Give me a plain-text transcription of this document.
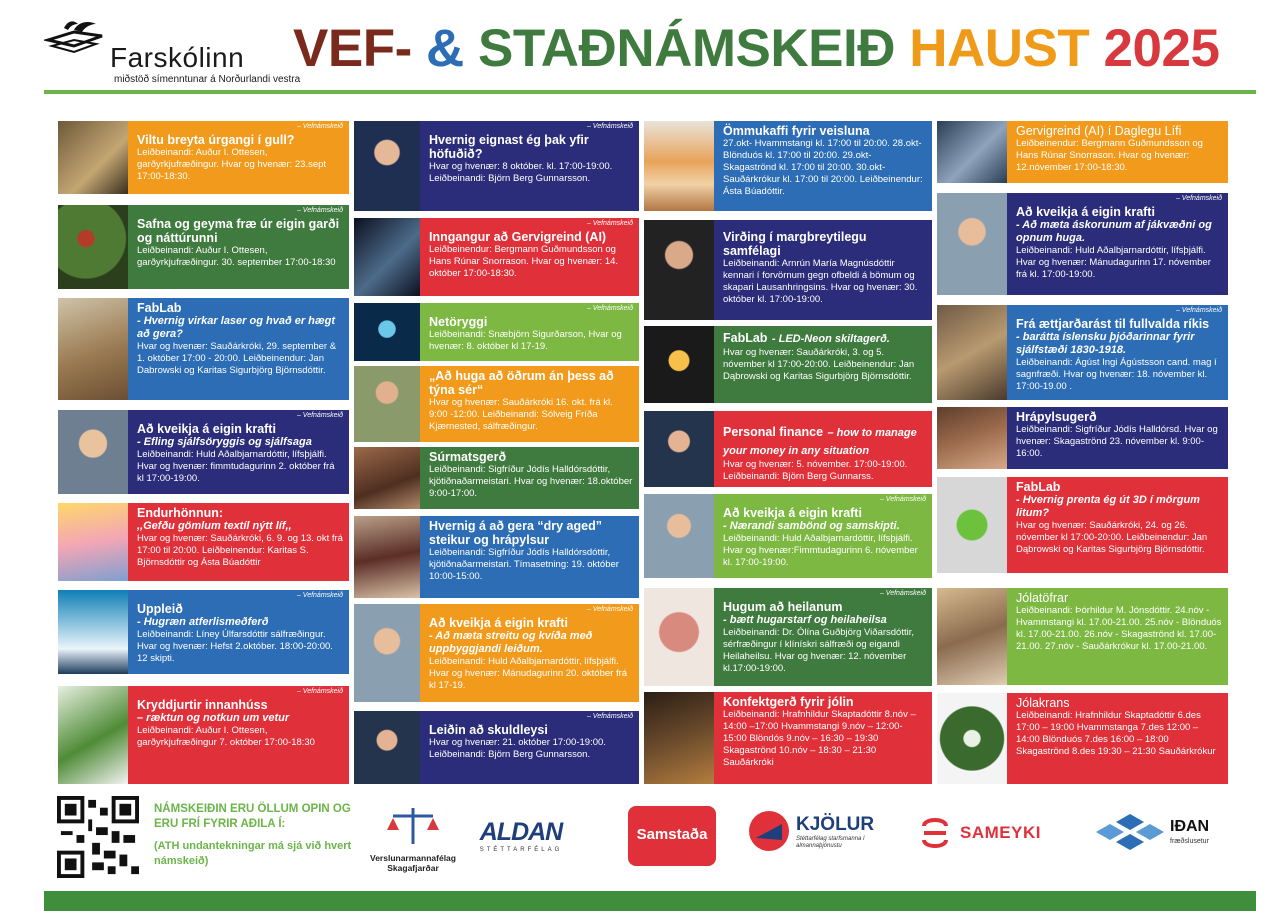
Farskólinn
miðstöð símenntunar á Norðurlandi vestra
VEF- & STAÐNÁMSKEIÐ HAUST 2025
– Vefnámskeið
Viltu breyta úrgangi í gull?
Leiðbeinandi: Auður I. Ottesen, garðyrkjufræðingur. Hvar og hvenær: 23.sept 17:00-18:30.
– Vefnámskeið
Safna og geyma fræ úr eigin garði og náttúrunni
Leiðbeinandi: Auður I. Ottesen, garðyrkjufræðingur. 30. september 17:00-18:30
FabLab
- Hvernig virkar laser og hvað er hægt að gera?
Hvar og hvenær: Sauðárkróki, 29. september & 1. október 17:00 - 20:00. Leiðbeinendur: Jan Dabrowski og Karitas Sigurbjörg Björnsdóttir.
– Vefnámskeið
Að kveikja á eigin krafti
- Efling sjálfsöryggis og sjálfsaga
Leiðbeinandi: Huld Aðalbjarnardóttir, lífsþjálfi. Hvar og hvenær: fimmtudagurinn 2. október frá kl 17:00-19:00.
Endurhönnun:
,,Gefðu gömlum textíl nýtt líf,,
Hvar og hvenær: Sauðárkróki, 6. 9. og 13. okt frá 17:00 til 20:00. Leiðbeinendur: Karitas S. Björnsdóttir og Ásta Búadóttir
– Vefnámskeið
Uppleið
- Hugræn atferlismeðferð
Leiðbeinandi: Líney Úlfarsdóttir sálfræðingur. Hvar og hvenær: Hefst 2.október. 18:00-20:00. 12 skipti.
– Vefnámskeið
Kryddjurtir innanhúss
– ræktun og notkun um vetur
Leiðbeinandi: Auður I. Ottesen, garðyrkjufræðingur 7. október 17:00-18:30
– Vefnámskeið
Hvernig eignast ég þak yfir höfuðið?
Hvar og hvenær: 8 október. kl. 17:00-19:00. Leiðbeinandi: Björn Berg Gunnarsson.
– Vefnámskeið
Inngangur að Gervigreind (AI)
Leiðbeinendur: Bergmann Guðmundsson og Hans Rúnar Snorrason. Hvar og hvenær: 14. október 17:00-18:30.
– Vefnámskeið
Netöryggi
Leiðbeinandi: Snæbjörn Sigurðarson, Hvar og hvenær: 8. október kl 17-19.
„Að huga að öðrum án þess að týna sér“
Hvar og hvenær: Sauðárkróki 16. okt. frá kl. 9:00 -12:00. Leiðbeinandi: Sólveig Fríða Kjærnested, sálfræðingur.
Súrmatsgerð
Leiðbeinandi: Sigfríður Jódís Halldórsdóttir, kjötiðnaðarmeistari. Hvar og hvenær: 18.október 9:00-17:00.
Hvernig á að gera “dry aged” steikur og hrápylsur
Leiðbeinandi: Sigfríður Jódís Halldórsdóttir, kjötiðnaðarmeistari. Tímasetning: 19. október 10:00-15:00.
– Vefnámskeið
Að kveikja á eigin krafti
- Að mæta streitu og kvíða með uppbyggjandi leiðum.
Leiðbeinandi: Huld Aðalbjarnardóttir, lífsþjálfi. Hvar og hvenær: Mánudagurinn 20. október frá kl 17-19.
– Vefnámskeið
Leiðin að skuldleysi
Hvar og hvenær: 21. október 17:00-19:00. Leiðbeinandi: Björn Berg Gunnarsson.
Ömmukaffi fyrir veisluna
27.okt- Hvammstangi kl. 17:00 til 20:00. 28.okt- Blönduós kl. 17:00 til 20:00. 29.okt- Skagaströnd kl. 17:00 til 20:00. 30.okt- Sauðárkrókur kl. 17:00 til 20:00. Leiðbeinendur: Ásta Búadóttir.
Virðing í margbreytilegu samfélagi
Leiðbeinandi: Arnrún María Magnúsdóttir kennari í forvörnum gegn ofbeldi á bömum og skapari Lausanhringsins. Hvar og hvenær: 30. október kl. 17:00-19:00.
FabLab - LED-Neon skiltagerð.
Hvar og hvenær: Sauðárkróki, 3. og 5. nóvember kl 17:00-20:00. Leiðbeinendur: Jan Dąbrowski og Karitas Sigurbjörg Björnsdóttir.
Personal finance – how to manage your money in any situation
Hvar og hvenær: 5. nóvember. 17:00-19:00. Leiðbeinandi: Björn Berg Gunnarss.
– Vefnámskeið
Að kveikja á eigin krafti
- Nærandi sambönd og samskipti.
Leiðbeinandi: Huld Aðalbjarnardóttir, lífsþjálfi. Hvar og hvenær:Fimmtudagurinn 6. nóvember kl. 17:00-19:00.
– Vefnámskeið
Hugum að heilanum
- bætt hugarstarf og heilaheilsa
Leiðbeinandi: Dr. Ólína Guðbjörg Viðarsdóttir, sérfræðingur í klínískri sálfræði og eigandi Heilaheilsu. Hvar og hvenær: 12. nóvember kl.17:00-19:00.
Konfektgerð fyrir jólin
Leiðbeinandi: Hrafnhildur Skaptadóttir 8.nóv – 14:00 –17:00 Hvammstangi 9.nóv – 12:00-15:00 Blöndós 9.nóv – 16:30 – 19:30 Skagaströnd 10.nóv – 18:30 – 21:30 Sauðárkróki
Gervigreind (AI) í Daglegu Lífi
Leiðbeinendur: Bergmann Guðmundsson og Hans Rúnar Snorrason. Hvar og hvenær: 12.nóvember 17:00-18:30.
– Vefnámskeið
Að kveikja á eigin krafti
- Að mæta áskorunum af jákvæðni og opnum huga.
Leiðbeinandi: Huld Aðalbjarnardóttir, lífsþjálfi. Hvar og hvenær: Mánudagurinn 17. nóvember frá kl. 17:00-19:00.
– Vefnámskeið
Frá ættjarðarást til fullvalda ríkis
- barátta íslensku þjóðarinnar fyrir sjálfstæði 1830-1918.
Leiðbeinandi: Ágúst Ingi Ágústsson cand. mag í sagnfræði. Hvar og hvenær: 18. nóvember kl. 17:00-19.00 .
Hrápylsugerð
Leiðbeinandi: Sigfríður Jódís Halldórsd. Hvar og hvenær: Skagaströnd 23. nóvember kl. 9:00-16:00.
FabLab
- Hvernig prenta ég út 3D í mörgum litum?
Hvar og hvenær: Sauðárkróki, 24. og 26. nóvember kl 17:00-20:00. Leiðbeinendur: Jan Dąbrowski og Karitas Sigurbjörg Björnsdóttir.
Jólatöfrar
Leiðbeinandi: Þórhildur M. Jónsdóttir. 24.nóv - Hvammstangi kl. 17.00-21.00. 25.nóv - Blönduós kl. 17.00-21.00. 26.nóv - Skagaströnd kl. 17.00-21.00. 27.nóv - Sauðárkrókur kl. 17.00-21.00.
Jólakrans
Leiðbeinandi: Hrafnhildur Skaptadóttir 6.des 17:00 – 19:00 Hvammstanga 7.des 12:00 – 14:00 Blönduós 7.des 16:00 – 18:00 Skagaströnd 8.des 19:30 – 21:30 Sauðárkrókur
NÁMSKEIÐIN ERU ÖLLUM OPIN OG ERU FRÍ FYRIR AÐILA Í:
(ATH undantekningar má sjá við hvert námskeið)	Verslunarmannafélag Skagafjarðar
ALDAN
STÉTTARFÉLAG
Samstaða	KJÖLUR
Stéttarfélag starfsmanna í almannaþjónustu
SAMEYKI	IÐAN
fræðslusetur
